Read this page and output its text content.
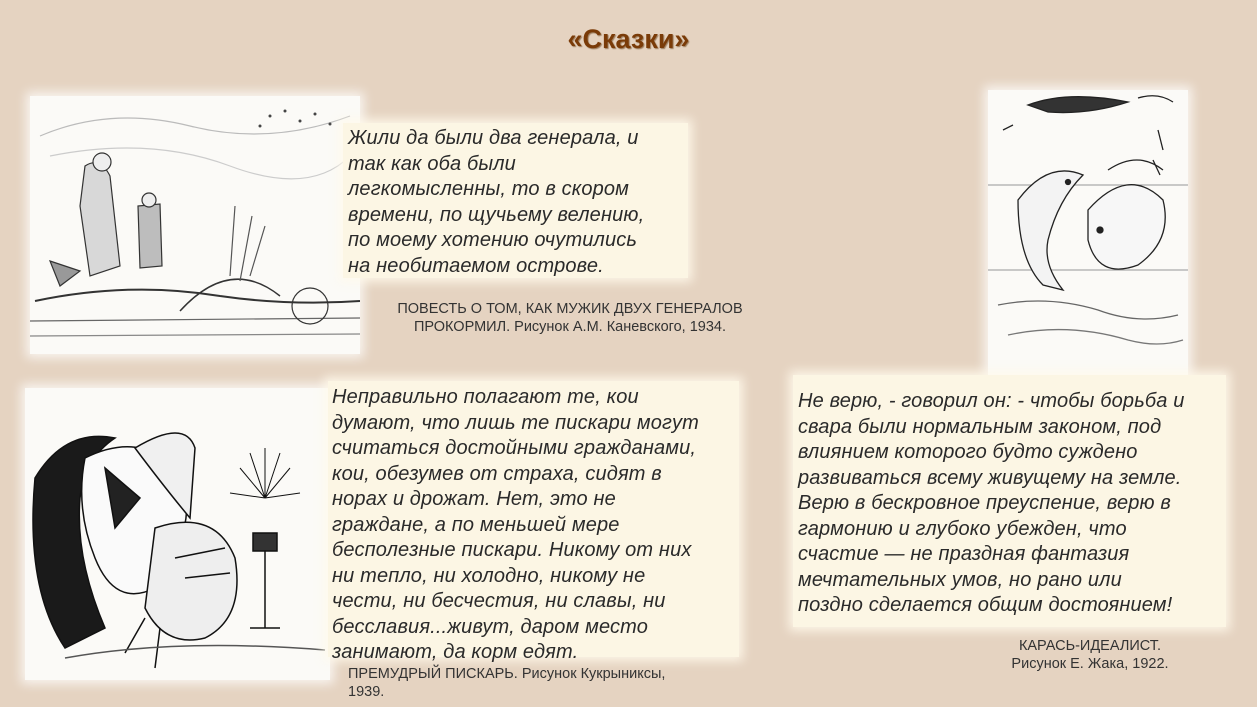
«Сказки»
Жили да были два генерала, и
так как оба были
легкомысленны, то в скором
времени, по щучьему велению,
по моему хотению очутились
на необитаемом острове.
ПОВЕСТЬ О ТОМ, КАК МУЖИК ДВУХ ГЕНЕРАЛОВ
ПРОКОРМИЛ. Рисунок А.М. Каневского, 1934.
Неправильно полагают те, кои
думают, что лишь те пискари могут
считаться достойными гражданами,
кои, обезумев от страха, сидят в
норах и дрожат. Нет, это не
граждане, а по меньшей мере
бесполезные пискари. Никому от них
ни тепло, ни холодно, никому не
чести, ни бесчестия, ни славы, ни
бесславия...живут, даром место
занимают, да корм едят.
ПРЕМУДРЫЙ ПИСКАРЬ. Рисунок Кукрыниксы,
1939.
Не верю, - говорил он: - чтобы борьба и
свара были нормальным законом, под
влиянием которого будто суждено
развиваться всему живущему на земле.
Верю в бескровное преуспение, верю в
гармонию и глубоко убежден, что
счастие — не праздная фантазия
мечтательных умов, но рано или
поздно сделается общим достоянием!
КАРАСЬ-ИДЕАЛИСТ.
Рисунок Е. Жака, 1922.
